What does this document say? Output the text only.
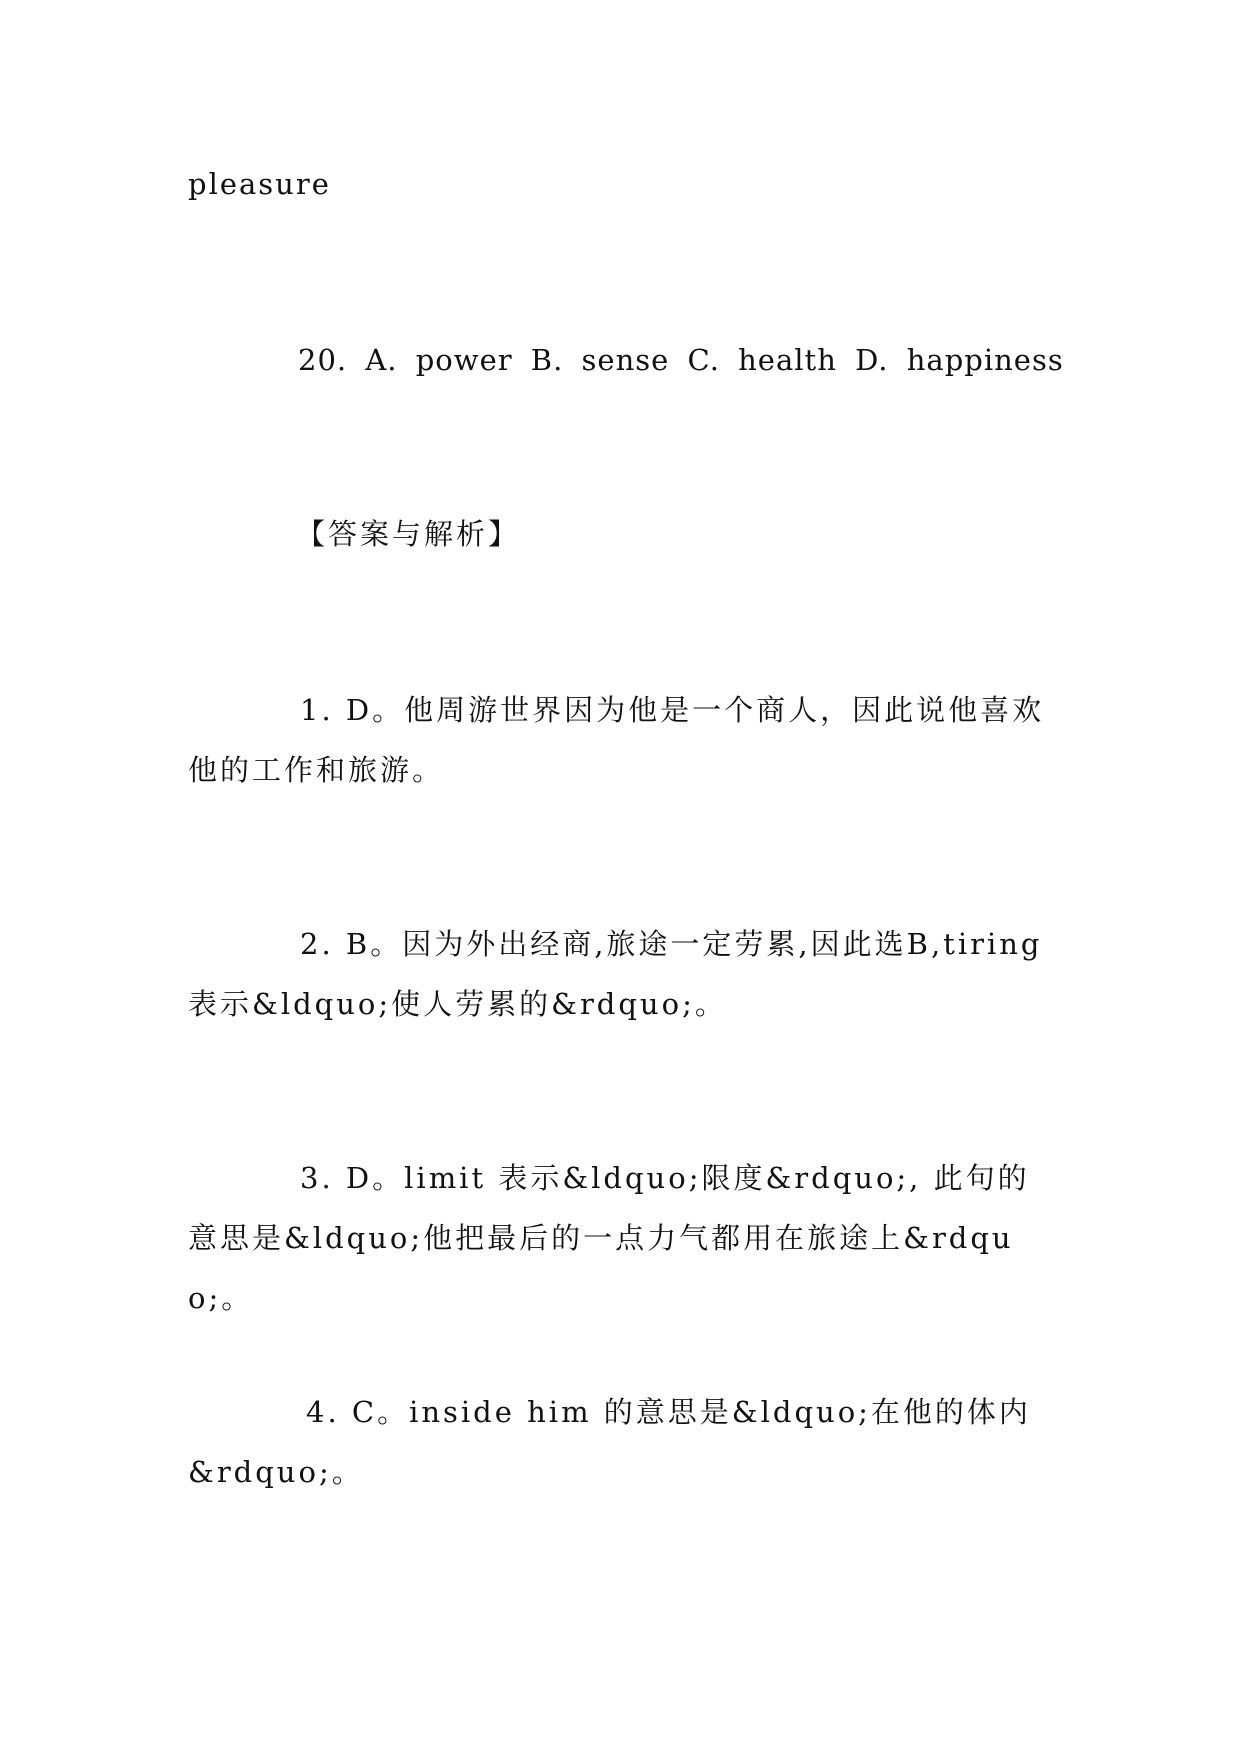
pleasure

20. A. power B. sense C. health D. happiness

【答案与解析】

1. D。他周游世界因为他是一个商人，因此说他喜欢他的工作和旅游。

2. B。因为外出经商,旅途一定劳累,因此选B,tiring表示&ldquo;使人劳累的&rdquo;。

3. D。limit 表示&ldquo;限度&rdquo;, 此句的意思是&ldquo;他把最后的一点力气都用在旅途上&rdquo;。

4. C。inside him 的意思是&ldquo;在他的体内&rdquo;。
